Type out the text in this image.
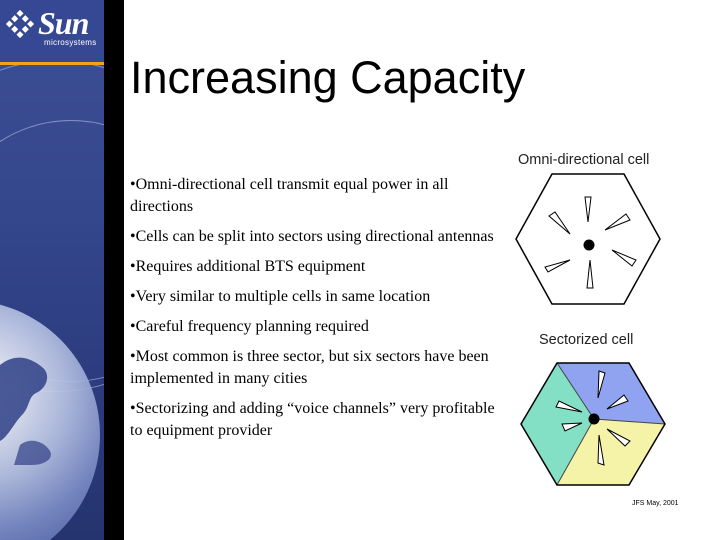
Sun
microsystems
Increasing Capacity
•Omni-directional cell transmit equal power in all directions
•Cells can be split into sectors using directional antennas
•Requires additional BTS equipment
•Very similar to multiple cells in same location
•Careful frequency planning required
•Most common is three sector, but six sectors have been implemented in many cities
•Sectorizing and adding “voice channels” very profitable to equipment provider
Omni-directional cell
Sectorized cell
JFS May, 2001
